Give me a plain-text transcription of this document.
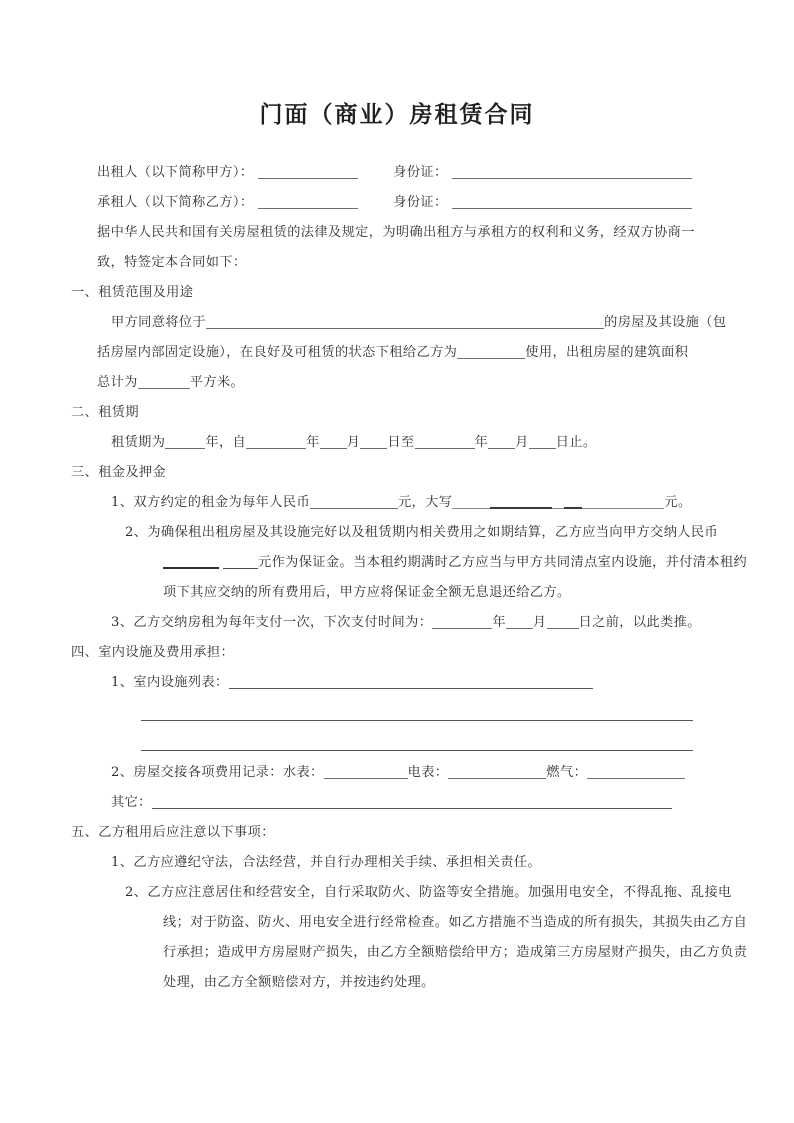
门面（商业）房租赁合同
出租人（以下简称甲方）：	身份证：
承租人（以下简称乙方）：	身份证：
据中华人民共和国有关房屋租赁的法律及规定，为明确出租方与承租方的权利和义务，经双方协商一
致，特签定本合同如下：
一、租赁范围及用途
甲方同意将位于	的房屋及其设施（包
括房屋内部固定设施），在良好及可租赁的状态下租给乙方为	使用，出租房屋的建筑面积
总计为	平方米。
二、租赁期
租赁期为	年，自	年 月 日至	年 月 日止。
三、租金及押金
1、双方约定的租金为每年人民币	元，大写	元。
2、为确保租出租房屋及其设施完好以及租赁期内相关费用之如期结算，乙方应当向甲方交纳人民币
元作为保证金。当本租约期满时乙方应当与甲方共同清点室内设施，并付清本租约
项下其应交纳的所有费用后，甲方应将保证金全额无息退还给乙方。
3、乙方交纳房租为每年支付一次，下次支付时间为：	年 月 日之前，以此类推。
四、室内设施及费用承担：
1、室内设施列表：
2、房屋交接各项费用记录：水表：	电表：	燃气：
其它：
五、乙方租用后应注意以下事项：
1、乙方应遵纪守法，合法经营，并自行办理相关手续、承担相关责任。
2、乙方应注意居住和经营安全，自行采取防火、防盗等安全措施。加强用电安全，不得乱拖、乱接电
线；对于防盗、防火、用电安全进行经常检查。如乙方措施不当造成的所有损失，其损失由乙方自
行承担；造成甲方房屋财产损失，由乙方全额赔偿给甲方；造成第三方房屋财产损失，由乙方负责
处理，由乙方全额赔偿对方，并按违约处理。
